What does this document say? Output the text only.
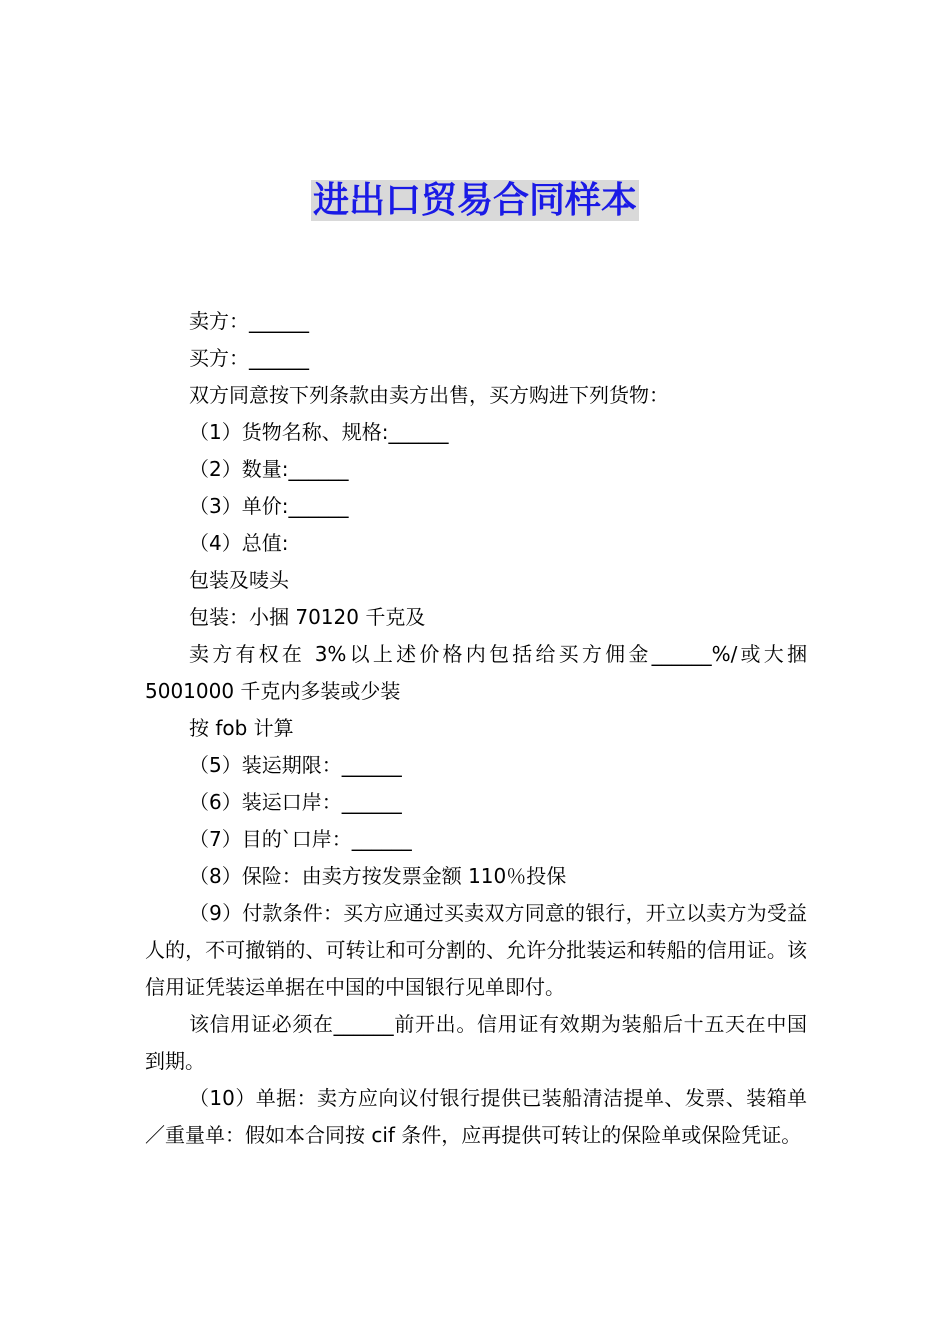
进出口贸易合同样本

卖方：______

买方：______

双方同意按下列条款由卖方出售，买方购进下列货物：

（1）货物名称、规格:______

（2）数量:______

（3）单价:______

（4）总值:

包装及唛头

包装：小捆 70120 千克及

卖方有权在 3%以上述价格内包括给买方佣金______%/或大捆 5001000 千克内多装或少装

按 fob 计算

（5）装运期限：______

（6）装运口岸：______

（7）目的`口岸：______

（8）保险：由卖方按发票金额 110％投保

（9）付款条件：买方应通过买卖双方同意的银行，开立以卖方为受益人的，不可撤销的、可转让和可分割的、允许分批装运和转船的信用证。该信用证凭装运单据在中国的中国银行见单即付。

该信用证必须在______前开出。信用证有效期为装船后十五天在中国到期。

（10）单据：卖方应向议付银行提供已装船清洁提单、发票、装箱单／重量单：假如本合同按 cif 条件，应再提供可转让的保险单或保险凭证。
